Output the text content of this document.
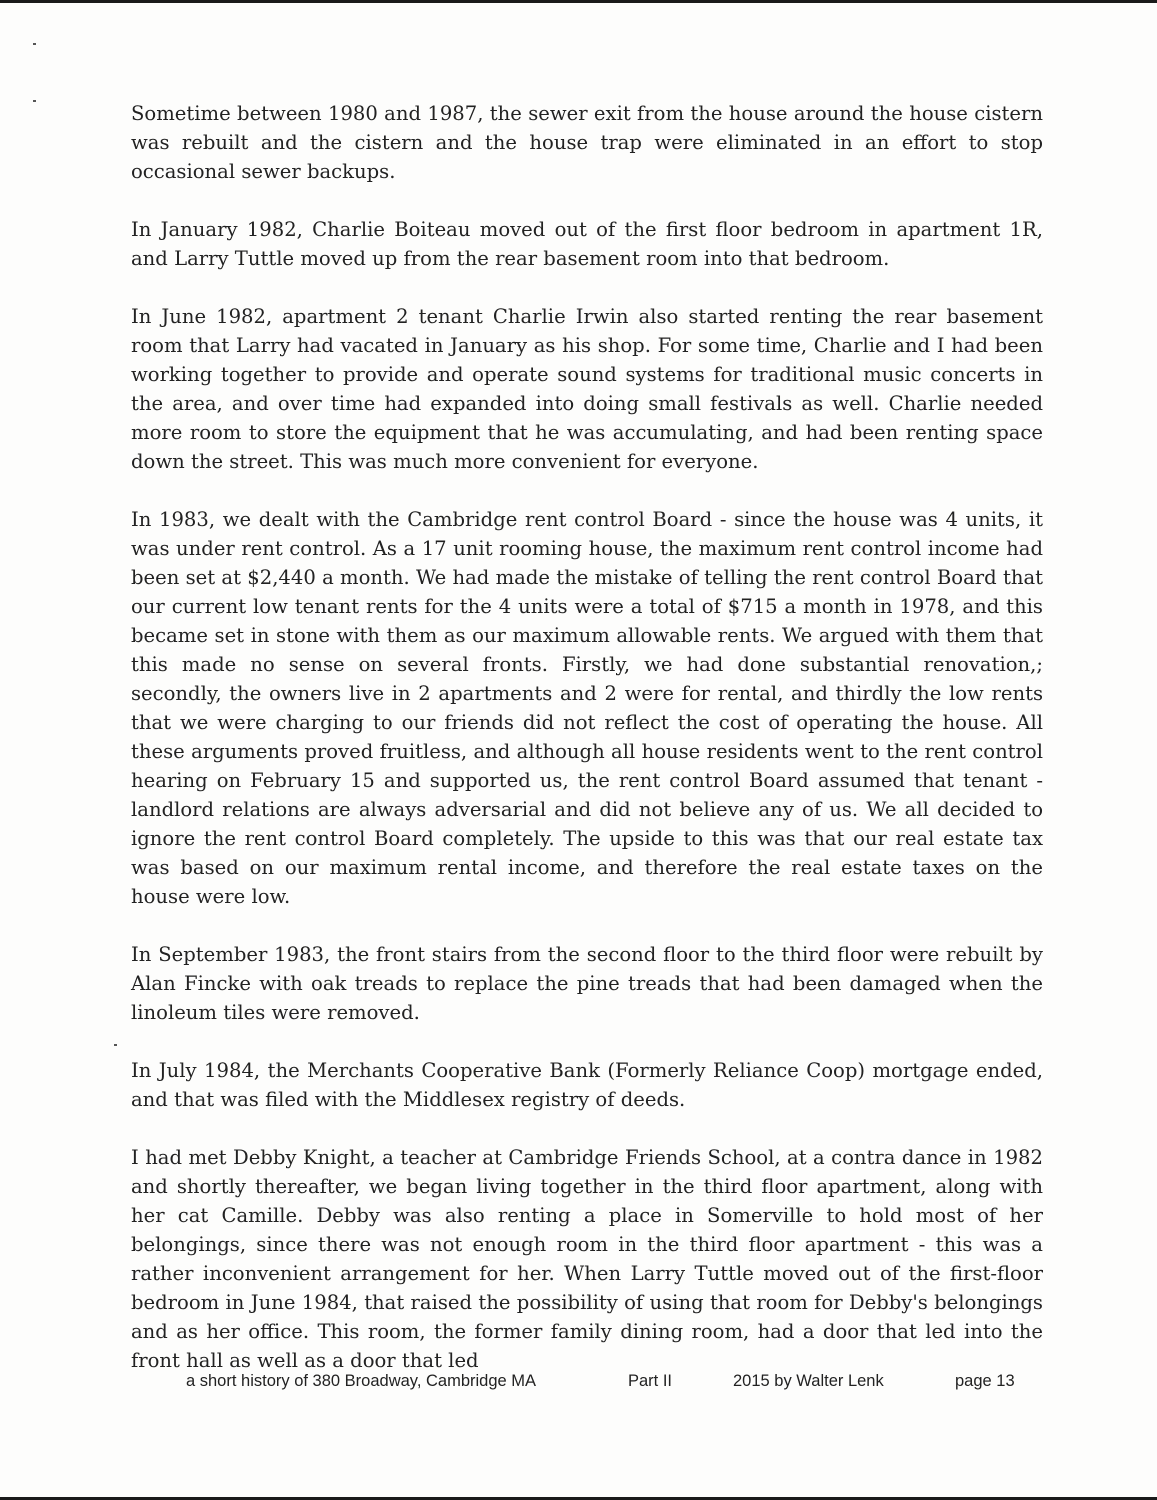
Sometime between 1980 and 1987, the sewer exit from the house around the house cistern was rebuilt and the cistern and the house trap were eliminated in an effort to stop occasional sewer backups.

In January 1982, Charlie Boiteau moved out of the first floor bedroom in apartment 1R, and Larry Tuttle moved up from the rear basement room into that bedroom.

In June 1982, apartment 2 tenant Charlie Irwin also started renting the rear basement room that Larry had vacated in January as his shop. For some time, Charlie and I had been working together to provide and operate sound systems for traditional music concerts in the area, and over time had expanded into doing small festivals as well. Charlie needed more room to store the equipment that he was accumulating, and had been renting space down the street. This was much more convenient for everyone.

In 1983, we dealt with the Cambridge rent control Board - since the house was 4 units, it was under rent control. As a 17 unit rooming house, the maximum rent control income had been set at $2,440 a month. We had made the mistake of telling the rent control Board that our current low tenant rents for the 4 units were a total of $715 a month in 1978, and this became set in stone with them as our maximum allowable rents. We argued with them that this made no sense on several fronts. Firstly, we had done substantial renovation,; secondly, the owners live in 2 apartments and 2 were for rental, and thirdly the low rents that we were charging to our friends did not reflect the cost of operating the house. All these arguments proved fruitless, and although all house residents went to the rent control hearing on February 15 and supported us, the rent control Board assumed that tenant - landlord relations are always adversarial and did not believe any of us. We all decided to ignore the rent control Board completely. The upside to this was that our real estate tax was based on our maximum rental income, and therefore the real estate taxes on the house were low.

In September 1983, the front stairs from the second floor to the third floor were rebuilt by Alan Fincke with oak treads to replace the pine treads that had been damaged when the linoleum tiles were removed.

In July 1984, the Merchants Cooperative Bank (Formerly Reliance Coop) mortgage ended, and that was filed with the Middlesex registry of deeds.

I had met Debby Knight, a teacher at Cambridge Friends School, at a contra dance in 1982 and shortly thereafter, we began living together in the third floor apartment, along with her cat Camille. Debby was also renting a place in Somerville to hold most of her belongings, since there was not enough room in the third floor apartment - this was a rather inconvenient arrangement for her. When Larry Tuttle moved out of the first-floor bedroom in June 1984, that raised the possibility of using that room for Debby's belongings and as her office. This room, the former family dining room, had a door that led into the front hall as well as a door that led

a short history of 380 Broadway, Cambridge MA	Part II	2015 by Walter Lenk	page 13
